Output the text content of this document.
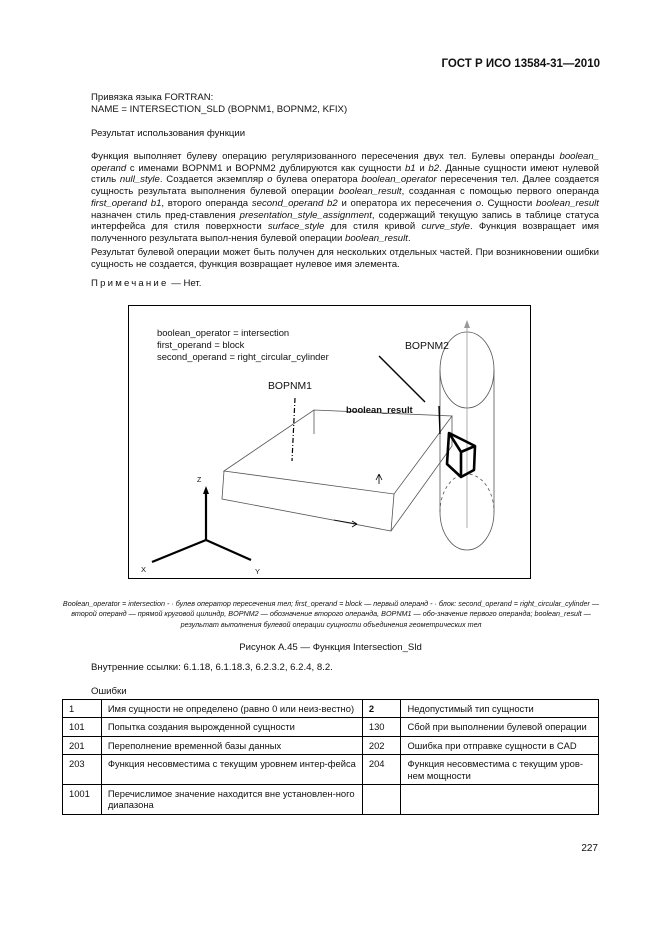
ГОСТ Р ИСО 13584-31—2010
Привязка языка FORTRAN:
NAME = INTERSECTION_SLD (BOPNM1, BOPNM2, KFIX)
Результат использования функции
Функция выполняет булеву операцию регуляризованного пересечения двух тел. Булевы операнды boolean_ operand с именами BOPNM1 и BOPNM2 дублируются как сущности b1 и b2. Данные сущности имеют нулевой стиль null_style. Создается экземпляр o булева оператора boolean_operator пересечения тел. Далее создается сущность результата выполнения булевой операции boolean_result, созданная с помощью первого операнда first_operand b1, второго операнда second_operand b2 и оператора их пересечения o. Сущности boolean_result назначен стиль пред-ставления presentation_style_assignment, содержащий текущую запись в таблице статуса интерфейса для стиля поверхности surface_style для стиля кривой curve_style. Функция возвращает имя полученного результата выпол-нения булевой операции boolean_result.
Результат булевой операции может быть получен для нескольких отдельных частей. При возникновении ошибки сущность не создается, функция возвращает нулевое имя элемента.
Примечание — Нет.
boolean_operator = intersection
first_operand = block
second_operand = right_circular_cylinder
BOPNM2
BOPNM1
boolean_result
Z
X	Y
Boolean_operator = intersection - · булев оператор пересечения тел; first_operand = block — первый операнд - · блок: second_operand = right_circular_cylinder — второй операнд — прямой круговой цилиндр, BOPNM2 — обозначение второго операнда, BOPNM1 — обо-значение первого операнда; boolean_result — результат выполнения булевой операции сущности объединения геометрических тел
Рисунок А.45 — Функция Intersection_Sld
Внутренние ссылки: 6.1.18, 6.1.18.3, 6.2.3.2, 6.2.4, 8.2.
Ошибки
1	Имя сущности не определено (равно 0 или неиз-вестно)	2	Недопустимый тип сущности
101	Попытка создания вырожденной сущности	130	Сбой при выполнении булевой операции
201	Переполнение временной базы данных	202	Ошибка при отправке сущности в CAD
203	Функция несовместима с текущим уровнем интер-фейса	204	Функция несовместима с текущим уров-нем мощности
1001	Перечислимое значение находится вне установлен-ного диапазона		
227
